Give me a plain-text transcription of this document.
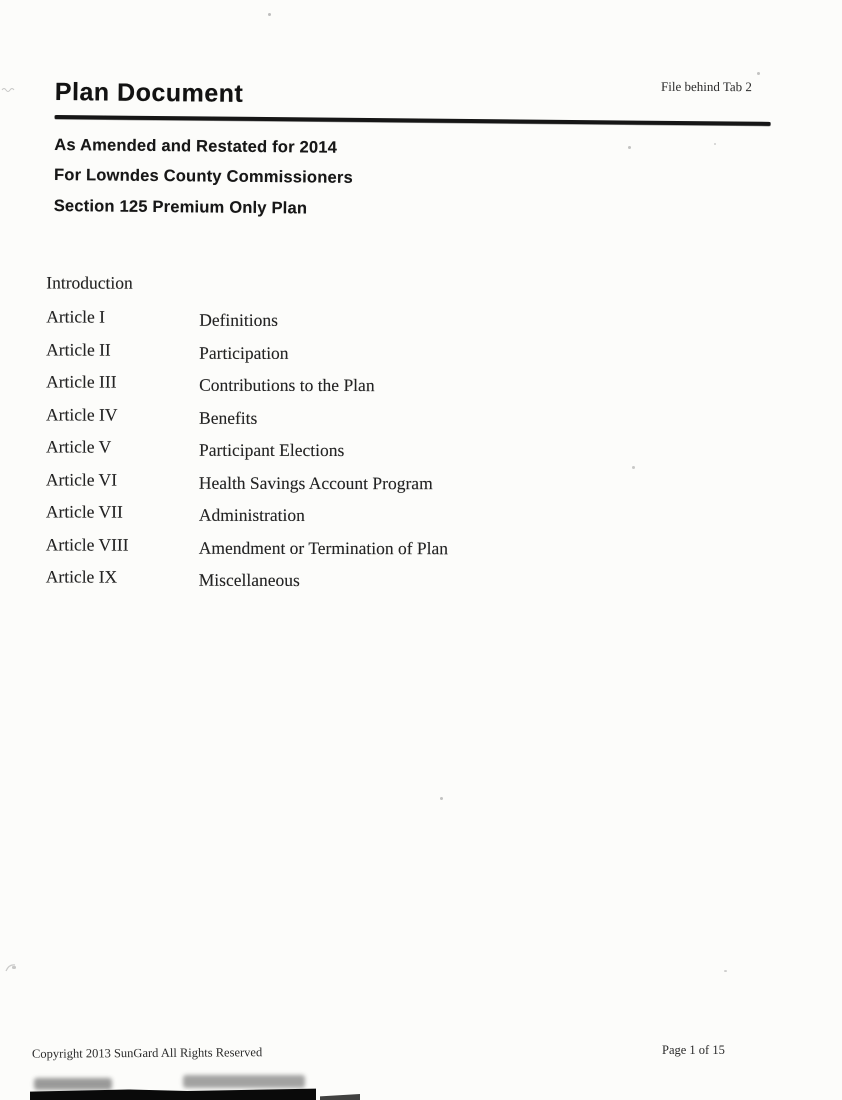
File behind Tab 2
Plan Document

As Amended and Restated for 2014

For Lowndes County Commissioners

Section 125 Premium Only Plan

Introduction

Article I	Definitions
Article II	Participation
Article III	Contributions to the Plan
Article IV	Benefits
Article V	Participant Elections
Article VI	Health Savings Account Program
Article VII	Administration
Article VIII	Amendment or Termination of Plan
Article IX	Miscellaneous
Copyright 2013 SunGard All Rights Reserved	Page 1 of 15
